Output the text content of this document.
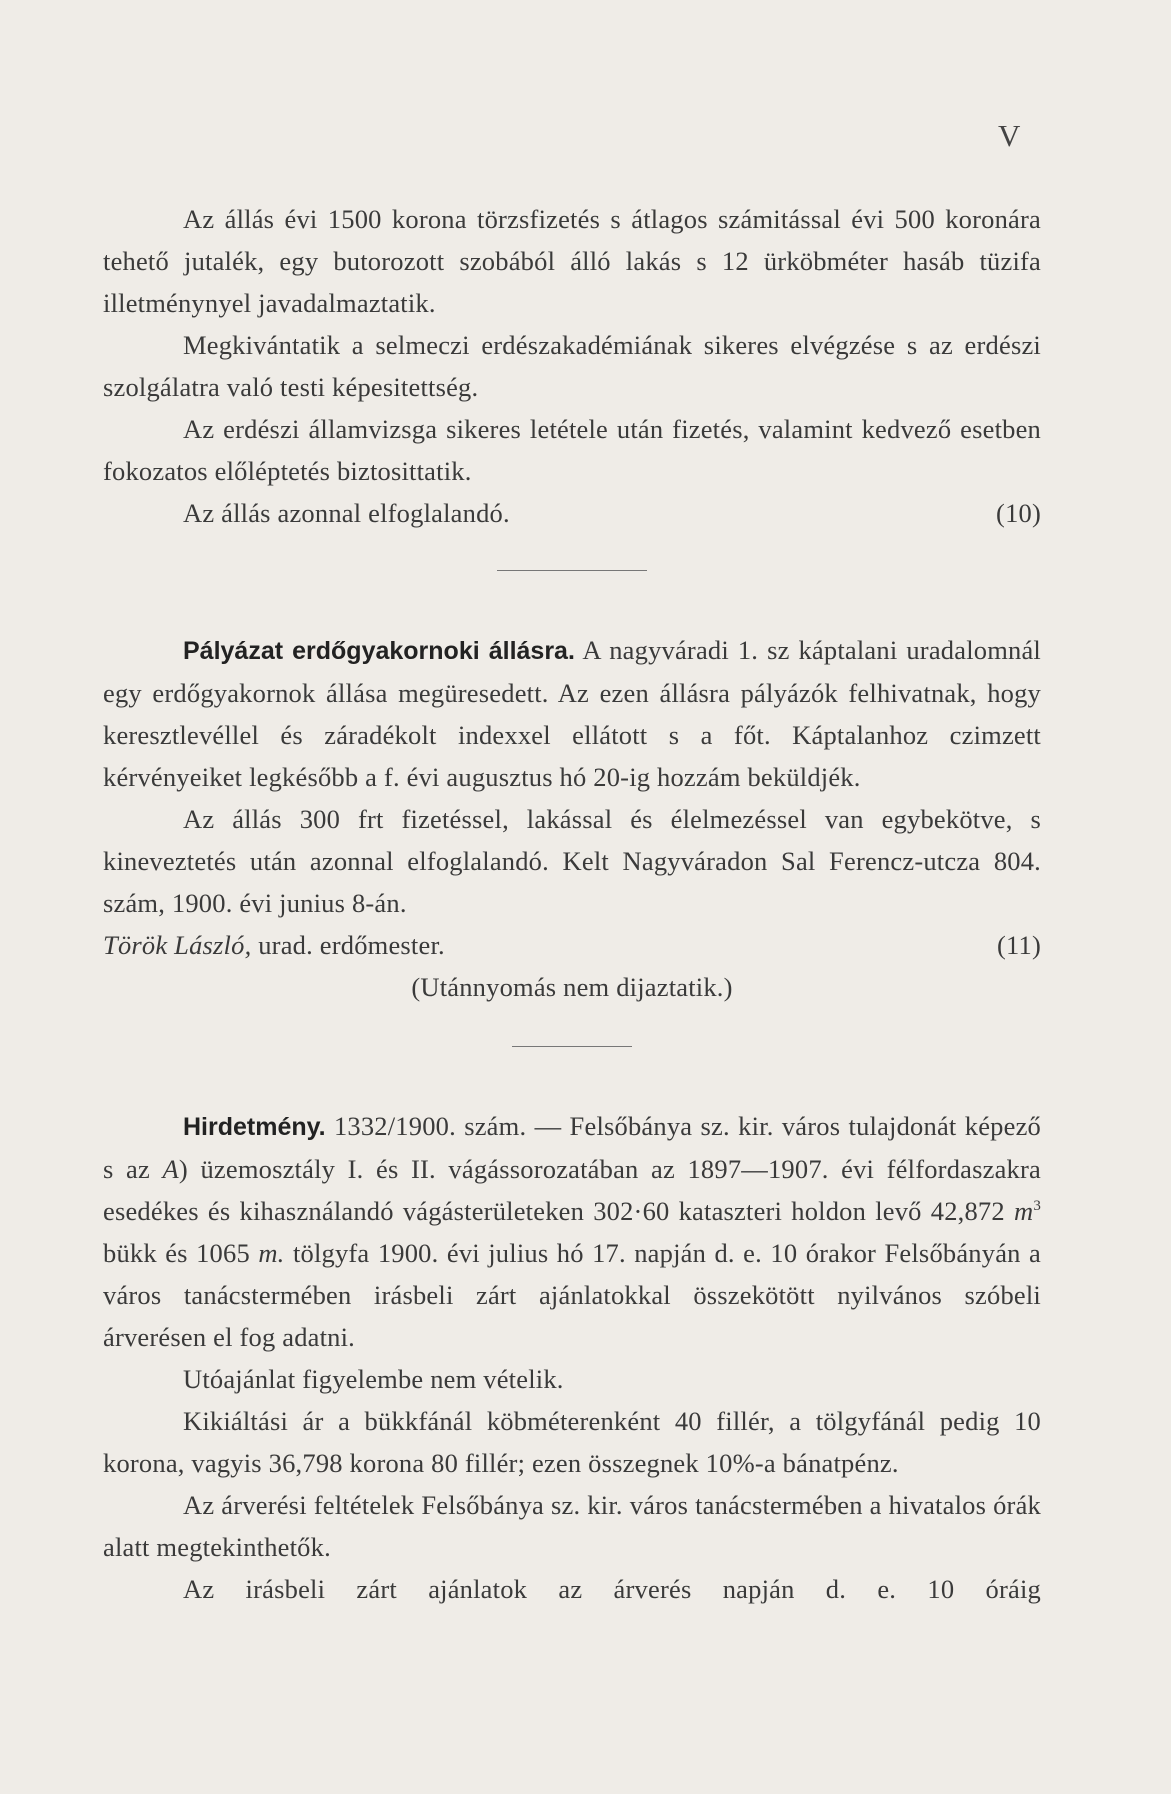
V

Az állás évi 1500 korona törzsfizetés s átlagos számitással évi 500 koronára tehető jutalék, egy butorozott szobából álló lakás s 12 ürköbméter hasáb tüzifa illetménynyel javadalmaztatik.

Megkivántatik a selmeczi erdészakadémiának sikeres elvégzése s az erdészi szolgálatra való testi képesitettség.

Az erdészi államvizsga sikeres letétele után fizetés, valamint kedvező esetben fokozatos előléptetés biztosittatik.

Az állás azonnal elfoglalandó.	(10)

Pályázat erdőgyakornoki állásra. A nagyváradi 1. sz káptalani uradalomnál egy erdőgyakornok állása megüresedett. Az ezen állásra pályázók felhivatnak, hogy keresztlevéllel és záradékolt indexxel ellátott s a főt. Káptalanhoz czimzett kérvényeiket legkésőbb a f. évi augusztus hó 20-ig hozzám beküldjék.

Az állás 300 frt fizetéssel, lakással és élelmezéssel van egybekötve, s kineveztetés után azonnal elfoglalandó. Kelt Nagyváradon Sal Ferencz-utcza 804. szám, 1900. évi junius 8-án.

Török László, urad. erdőmester.	(11)

(Utánnyomás nem dijaztatik.)

Hirdetmény. 1332/1900. szám. — Felsőbánya sz. kir. város tulajdonát képező s az A) üzemosztály I. és II. vágássorozatában az 1897—1907. évi félfordaszakra esedékes és kihasználandó vágásterületeken 302·60 kataszteri holdon levő 42,872 $m^3$ bükk és 1065 m. tölgyfa 1900. évi julius hó 17. napján d. e. 10 órakor Felsőbányán a város tanácstermében irásbeli zárt ajánlatokkal összekötött nyilvános szóbeli árverésen el fog adatni.

Utóajánlat figyelembe nem vételik.

Kikiáltási ár a bükkfánál köbméterenként 40 fillér, a tölgyfánál pedig 10 korona, vagyis 36,798 korona 80 fillér; ezen összegnek 10%-a bánatpénz.

Az árverési feltételek Felsőbánya sz. kir. város tanácstermében a hivatalos órák alatt megtekinthetők.

Az irásbeli zárt ajánlatok az árverés napján d. e. 10 óráig
